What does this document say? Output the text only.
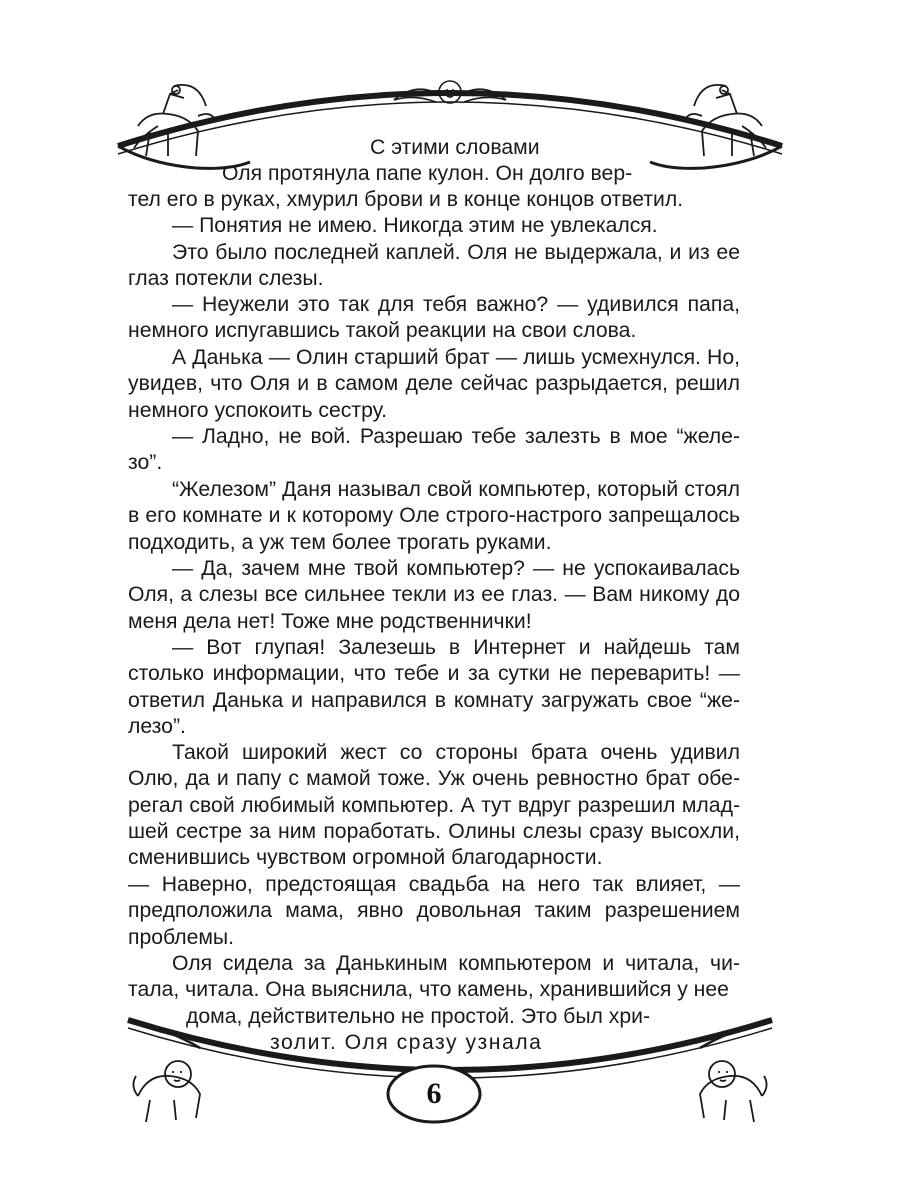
С этими словами

Оля протянула папе кулон. Он долго вер-

тел его в руках, хмурил брови и в конце концов ответил.

— Понятия не имею. Никогда этим не увлекался.

Это было последней каплей. Оля не выдержала, и из ее глаз потекли слезы.

— Неужели это так для тебя важно? — удивился папа, немного испугавшись такой реакции на свои слова.

А Данька — Олин старший брат — лишь усмехнулся. Но, увидев, что Оля и в самом деле сейчас разрыдается, решил немного успокоить сестру.

— Ладно, не вой. Разрешаю тебе залезть в мое “железо”.

“Железом” Даня называл свой компьютер, который стоял в его комнате и к которому Оле строго-настрого запрещалось подходить, а уж тем более трогать руками.

— Да, зачем мне твой компьютер? — не успокаивалась Оля, а слезы все сильнее текли из ее глаз. — Вам никому до меня дела нет! Тоже мне родственнички!

— Вот глупая! Залезешь в Интернет и найдешь там столько информации, что тебе и за сутки не переварить! — ответил Данька и направился в комнату загружать свое “железо”.

Такой широкий жест со стороны брата очень удивил Олю, да и папу с мамой тоже. Уж очень ревностно брат оберегал свой любимый компьютер. А тут вдруг разрешил младшей сестре за ним поработать. Олины слезы сразу высохли, сменившись чувством огромной благодарности.

— Наверно, предстоящая свадьба на него так влияет, — предположила мама, явно довольная таким разрешением проблемы.

Оля сидела за Данькиным компьютером и читала, читала, читала. Она выяснила, что камень, хранившийся у нее

дома, действительно не простой. Это был хри-

золит. Оля сразу узнала

6
